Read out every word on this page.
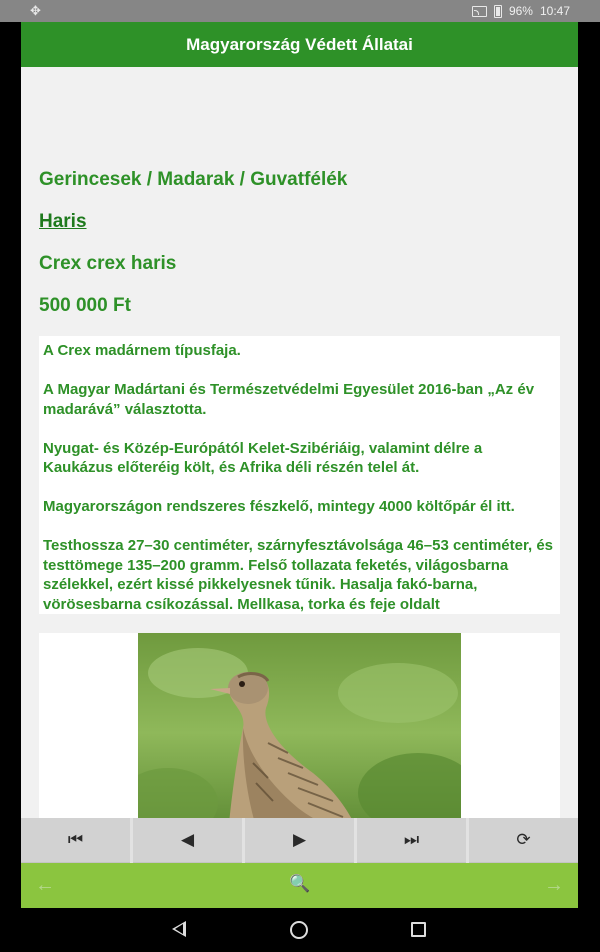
✥	96% 10:47
Magyarország Védett Állatai
Gerincesek / Madarak / Guvatfélék
Haris
Crex crex haris
500 000 Ft

A Crex madárnem típusfaja.

A Magyar Madártani és Természetvédelmi Egyesület 2016-ban „Az év madarává” választotta.

Nyugat- és Közép-Európától Kelet-Szibériáig, valamint délre a Kaukázus előteréig költ, és Afrika déli részén telel át.

Magyarországon rendszeres fészkelő, mintegy 4000 költőpár él itt.

Testhossza 27–30 centiméter, szárnyfesztávolsága 46–53 centiméter, és testtömege 135–200 gramm. Felső tollazata feketés, világosbarna szélekkel, ezért kissé pikkelyesnek tűnik. Hasalja fakó-barna, vörösesbarna csíkozással. Mellkasa, torka és feje oldalt

⏮	◀	▶	⏭	⟳
←	🔍	→
